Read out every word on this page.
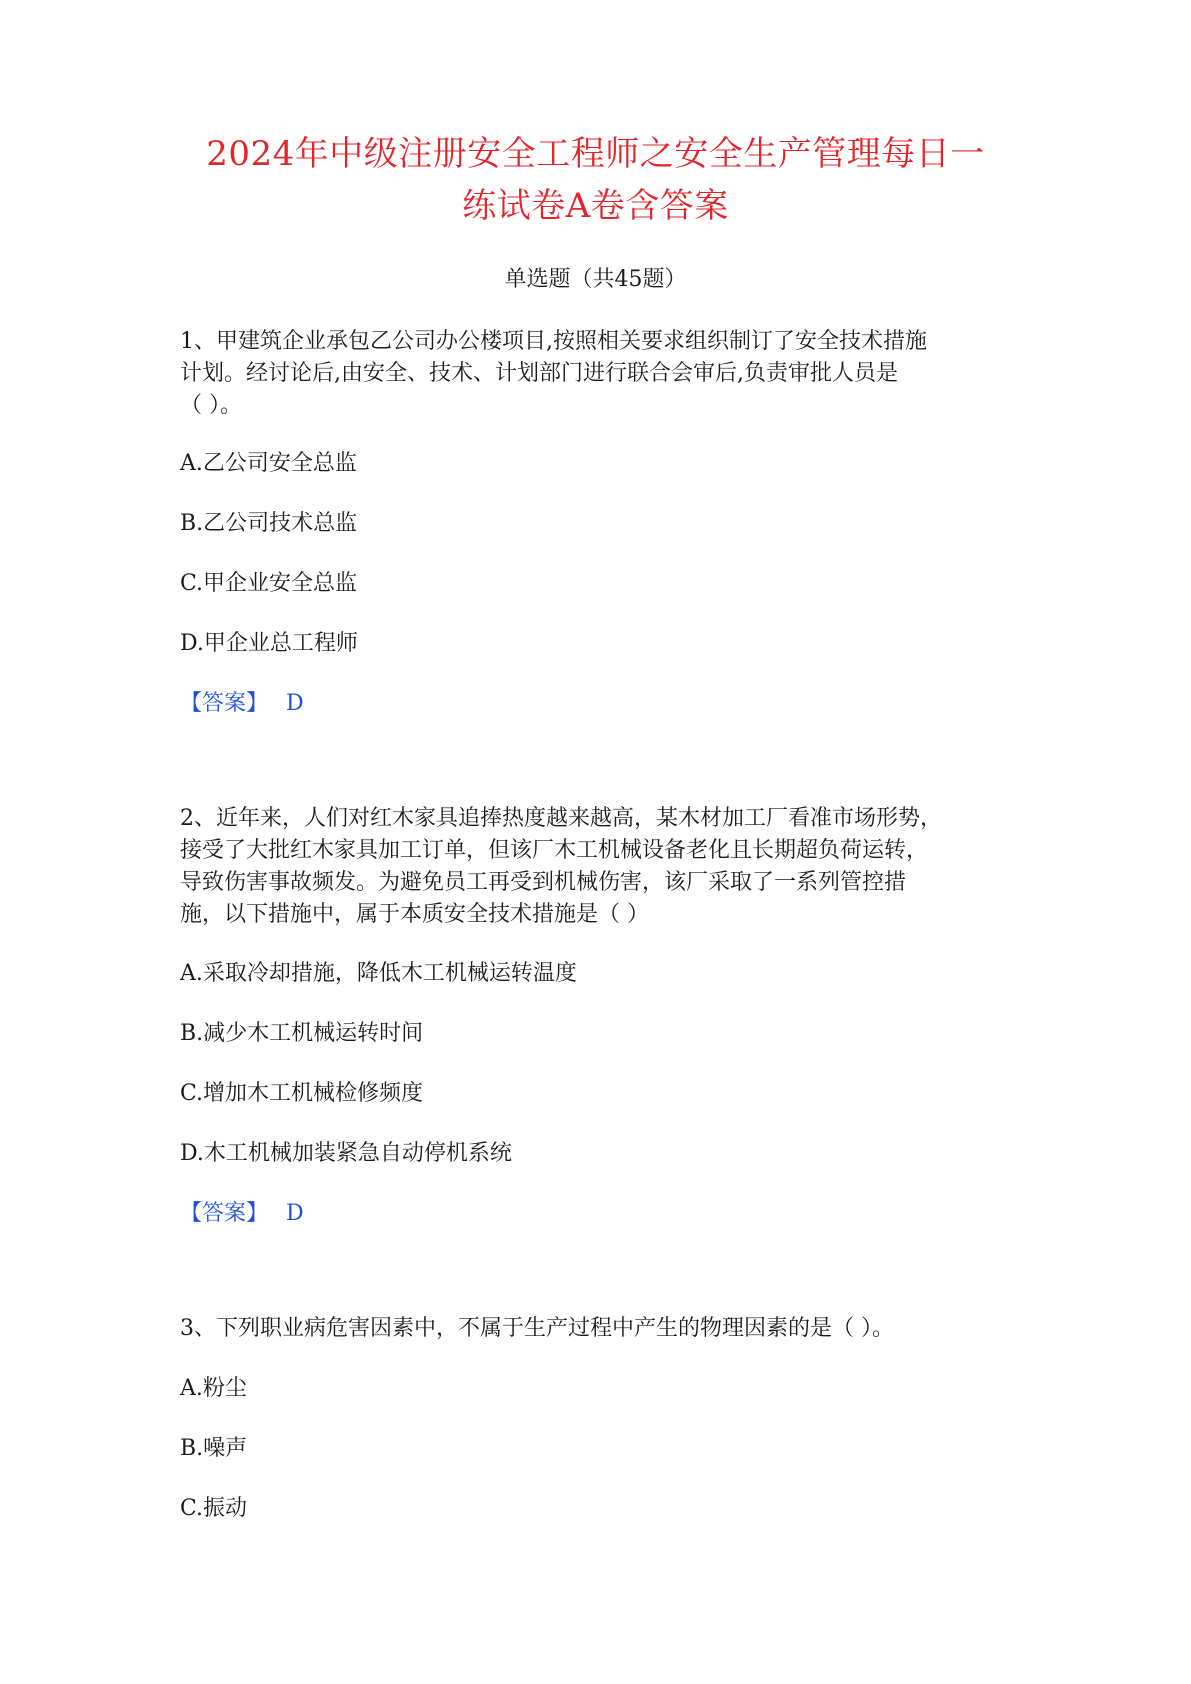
2024年中级注册安全工程师之安全生产管理每日一
练试卷A卷含答案
单选题（共45题）
1、甲建筑企业承包乙公司办公楼项目,按照相关要求组织制订了安全技术措施
计划。经讨论后,由安全、技术、计划部门进行联合会审后,负责审批人员是
（ ）。
A.乙公司安全总监
B.乙公司技术总监
C.甲企业安全总监
D.甲企业总工程师
【答案】 D
2、近年来，人们对红木家具追捧热度越来越高，某木材加工厂看准市场形势，
接受了大批红木家具加工订单，但该厂木工机械设备老化且长期超负荷运转，
导致伤害事故频发。为避免员工再受到机械伤害，该厂采取了一系列管控措
施，以下措施中，属于本质安全技术措施是（ ）
A.采取冷却措施，降低木工机械运转温度
B.减少木工机械运转时间
C.增加木工机械检修频度
D.木工机械加装紧急自动停机系统
【答案】 D
3、下列职业病危害因素中，不属于生产过程中产生的物理因素的是（ ）。
A.粉尘
B.噪声
C.振动
